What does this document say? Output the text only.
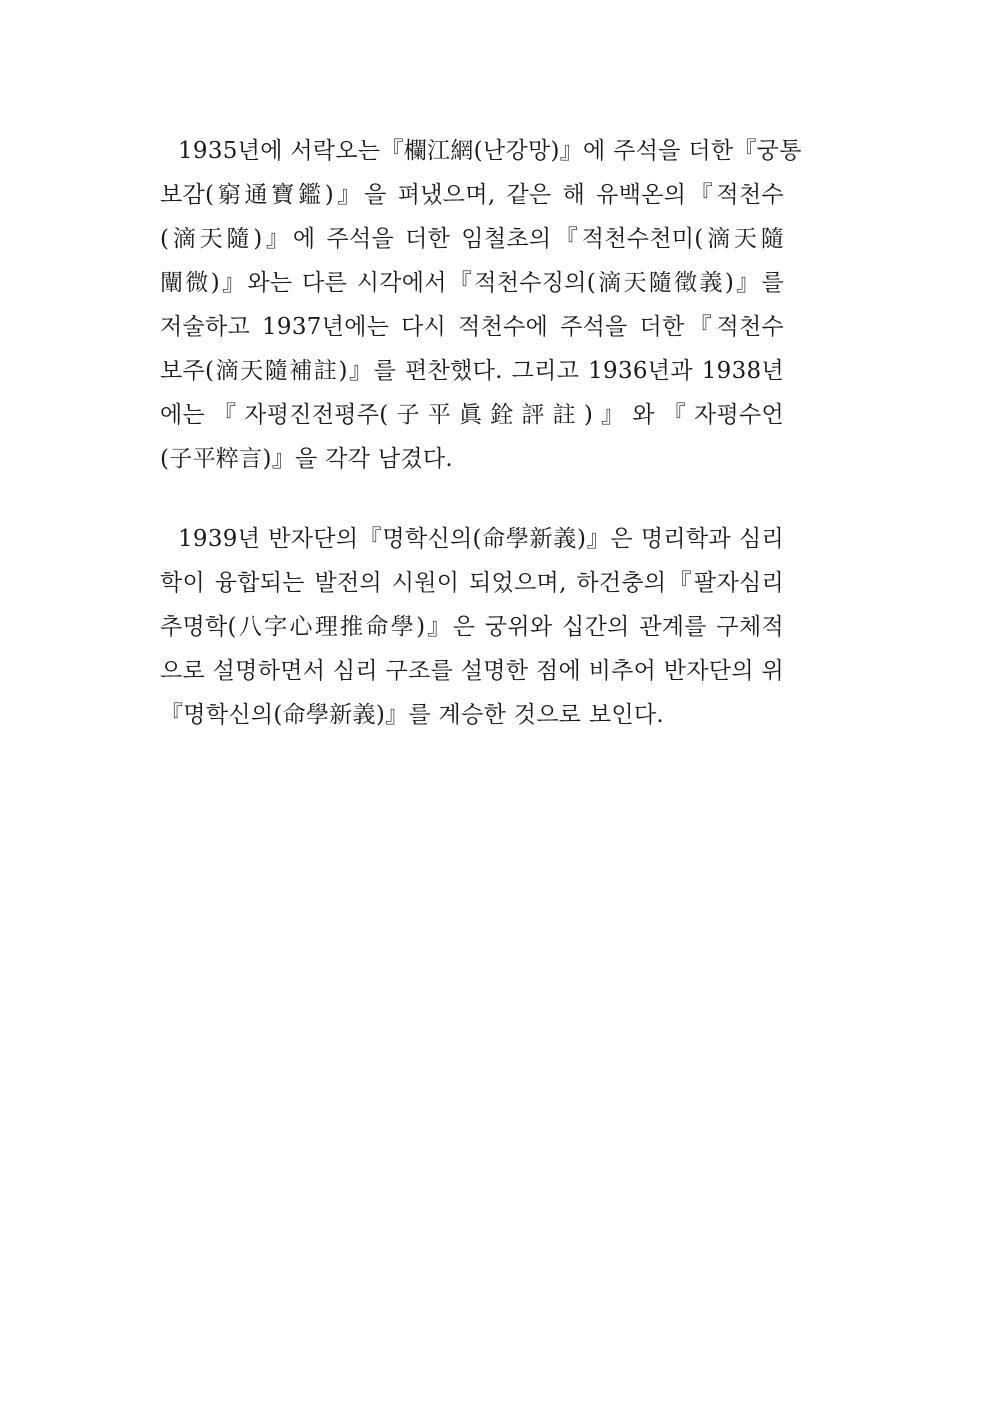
1935년에 서락오는『欄江網(난강망)』에 주석을 더한『궁통
보감(窮通寶鑑)』을 펴냈으며, 같은 해 유백온의『적천수
(滴天隨)』에 주석을 더한 임철초의『적천수천미(滴天隨
闡微)』와는 다른 시각에서『적천수징의(滴天隨徵義)』를
저술하고 1937년에는 다시 적천수에 주석을 더한『적천수
보주(滴天隨補註)』를 편찬했다. 그리고 1936년과 1938년
에는『자평진전평주(子平眞銓評註)』와『자평수언
(子平粹言)』을 각각 남겼다.
1939년 반자단의『명학신의(命學新義)』은 명리학과 심리
학이 융합되는 발전의 시원이 되었으며, 하건충의『팔자심리
추명학(八字心理推命學)』은 궁위와 십간의 관계를 구체적
으로 설명하면서 심리 구조를 설명한 점에 비추어 반자단의 위
『명학신의(命學新義)』를 계승한 것으로 보인다.
